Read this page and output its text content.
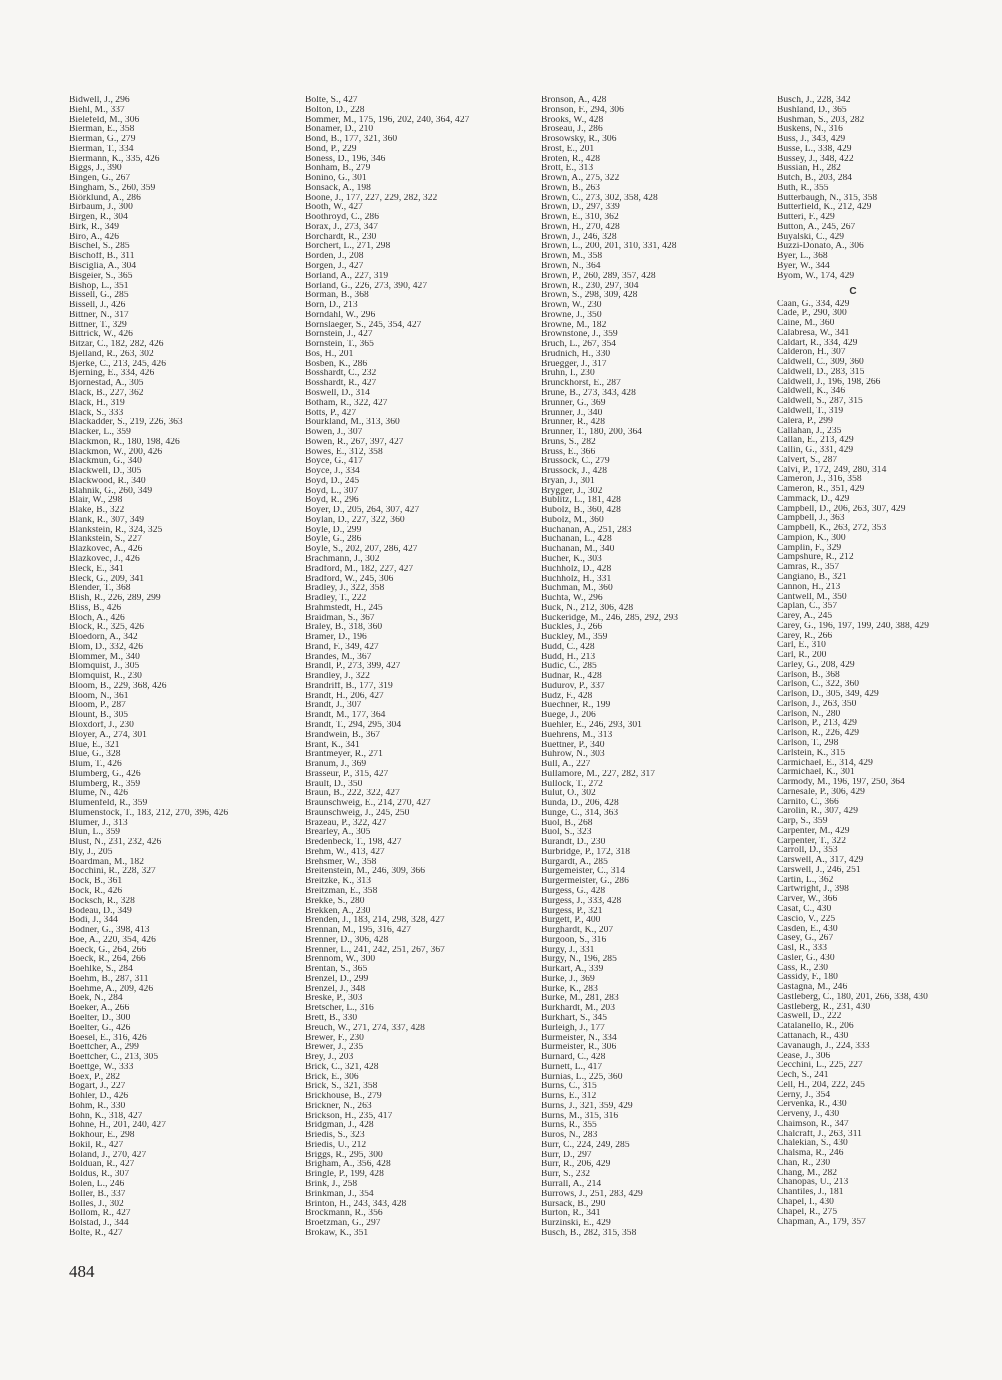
Bidwell, J., 296
Biehl, M., 337
Bielefeld, M., 306
Bierman, E., 358
Bierman, G., 279
Bierman, T., 334
Biermann, K., 335, 426
Biggs, J., 390
Bingen, G., 267
Bingham, S., 260, 359
Biörklund, A., 286
Birbaum, J., 300
Birgen, R., 304
Birk, R., 349
Biro, A., 426
Bischel, S., 285
Bischoff, B., 311
Bisciglia, A., 304
Bisgeier, S., 365
Bishop, L., 351
Bissell, G., 285
Bissell, J., 426
Bittner, N., 317
Bittner, T., 329
Bittrick, W., 426
Bitzar, C., 182, 282, 426
Bjelland, R., 263, 302
Bjerke, C., 213, 245, 426
Bjerning, E., 334, 426
Bjornestad, A., 305
Black, B., 227, 362
Black, H., 319
Black, S., 333
Blackadder, S., 219, 226, 363
Blacker, L., 359
Blackmon, R., 180, 198, 426
Blackmon, W., 200, 426
Blackmun, G., 340
Blackwell, D., 305
Blackwood, R., 340
Blahnik, G., 260, 349
Blair, W., 298
Blake, B., 322
Blank, R., 307, 349
Blankstein, R., 324, 325
Blankstein, S., 227
Blazkovec, A., 426
Blazkovec, J., 426
Bleck, E., 341
Bleck, G., 209, 341
Blender, T., 368
Blish, R., 226, 289, 299
Bliss, B., 426
Bloch, A., 426
Block, R., 325, 426
Bloedorn, A., 342
Blom, D., 332, 426
Blommer, M., 340
Blomquist, J., 305
Blomquist, R., 230
Bloom, B., 229, 368, 426
Bloom, N., 361
Bloom, P., 287
Blount, B., 305
Bloxdorf, J., 230
Bloyer, A., 274, 301
Blue, E., 321
Blue, G., 328
Blum, T., 426
Blumberg, G., 426
Blumberg, R., 359
Blume, N., 426
Blumenfeld, R., 359
Blumenstock, T., 183, 212, 270, 396, 426
Blumer, J., 313
Blun, L., 359
Blust, N., 231, 232, 426
Bly, J., 205
Boardman, M., 182
Bocchini, R., 228, 327
Bock, B., 361
Bock, R., 426
Bocksch, R., 328
Bodeau, D., 349
Bodi, J., 344
Bodner, G., 398, 413
Boe, A., 220, 354, 426
Boeck, G., 264, 266
Boeck, R., 264, 266
Boehlke, S., 284
Boehm, B., 287, 311
Boehme, A., 209, 426
Boek, N., 284
Boeker, A., 266
Boelter, D., 300
Boelter, G., 426
Boesel, E., 316, 426
Boettcher, A., 299
Boettcher, C., 213, 305
Boettge, W., 333
Boex, P., 282
Bogart, J., 227
Bohler, D., 426
Bohm, R., 330
Bohn, K., 318, 427
Bohne, H., 201, 240, 427
Bokhour, E., 298
Bokil, R., 427
Boland, J., 270, 427
Bolduan, R., 427
Boldus, R., 307
Bolen, L., 246
Boller, B., 337
Bolles, J., 302
Bollom, R., 427
Bolstad, J., 344
Bolte, R., 427
Bolte, S., 427
Bolton, D., 228
Bommer, M., 175, 196, 202, 240, 364, 427
Bonamer, D., 210
Bond, B., 177, 321, 360
Bond, P., 229
Boness, D., 196, 346
Bonham, B., 279
Bonino, G., 301
Bonsack, A., 198
Boone, J., 177, 227, 229, 282, 322
Booth, W., 427
Boothroyd, C., 286
Borax, J., 273, 347
Borchardt, R., 230
Borchert, L., 271, 298
Borden, J., 208
Borgen, J., 427
Borland, A., 227, 319
Borland, G., 226, 273, 390, 427
Borman, B., 368
Born, D., 213
Borndahl, W., 296
Bornslaeger, S., 245, 354, 427
Bornstein, J., 427
Bornstein, T., 365
Bos, H., 201
Bosben, K., 286
Bosshardt, C., 232
Bosshardt, R., 427
Boswell, D., 314
Botham, R., 322, 427
Botts, P., 427
Bourkland, M., 313, 360
Bowen, J., 307
Bowen, R., 267, 397, 427
Bowes, E., 312, 358
Boyce, G., 417
Boyce, J., 334
Boyd, D., 245
Boyd, L., 307
Boyd, R., 296
Boyer, D., 205, 264, 307, 427
Boylan, D., 227, 322, 360
Boyle, D., 299
Boyle, G., 286
Boyle, S., 202, 207, 286, 427
Brachmann, J., 302
Bradford, M., 182, 227, 427
Bradford, W., 245, 306
Bradley, J., 322, 358
Bradley, T., 222
Brahmstedt, H., 245
Braidman, S., 367
Braley, B., 318, 360
Bramer, D., 196
Brand, F., 349, 427
Brandes, M., 367
Brandl, P., 273, 399, 427
Brandley, J., 322
Brandriff, B., 177, 319
Brandt, H., 206, 427
Brandt, J., 307
Brandt, M., 177, 364
Brandt, T., 294, 295, 304
Brandwein, B., 367
Brant, K., 341
Brantmeyer, R., 271
Branum, J., 369
Brasseur, P., 315, 427
Brault, D., 350
Braun, B., 222, 322, 427
Braunschweig, E., 214, 270, 427
Braunschweig, J., 245, 250
Brazeau, P., 322, 427
Brearley, A., 305
Bredenbeck, T., 198, 427
Brehm, W., 413, 427
Brehsmer, W., 358
Breitenstein, M., 246, 309, 366
Breitzke, K., 313
Breitzman, E., 358
Brekke, S., 280
Brekken, A., 230
Brenden, J., 183, 214, 298, 328, 427
Brennan, M., 195, 316, 427
Brenner, D., 306, 428
Brenner, L., 241, 242, 251, 267, 367
Brennom, W., 300
Brentan, S., 365
Brenzel, D., 299
Brenzel, J., 348
Breske, P., 303
Bretscher, L., 316
Brett, B., 330
Breuch, W., 271, 274, 337, 428
Brewer, F., 230
Brewer, J., 235
Brey, J., 203
Brick, C., 321, 428
Brick, E., 306
Brick, S., 321, 358
Brickhouse, B., 279
Brickner, N., 263
Brickson, H., 235, 417
Bridgman, J., 428
Briedis, S., 323
Briedis, U., 212
Briggs, R., 295, 300
Brigham, A., 356, 428
Bringle, P., 199, 428
Brink, J., 258
Brinkman, J., 354
Brinton, H., 243, 343, 428
Brockmann, R., 356
Broetzman, G., 297
Brokaw, K., 351
Bronson, A., 428
Bronson, F., 294, 306
Brooks, W., 428
Broseau, J., 286
Brosowsky, R., 306
Brost, E., 201
Broten, R., 428
Brott, E., 313
Brown, A., 275, 322
Brown, B., 263
Brown, C., 273, 302, 358, 428
Brown, D., 297, 339
Brown, E., 310, 362
Brown, H., 270, 428
Brown, J., 246, 328
Brown, L., 200, 201, 310, 331, 428
Brown, M., 358
Brown, N., 364
Brown, P., 260, 289, 357, 428
Brown, R., 230, 297, 304
Brown, S., 298, 309, 428
Brown, W., 230
Browne, J., 350
Browne, M., 182
Brownstone, J., 359
Bruch, L., 267, 354
Brudnich, H., 330
Bruegger, J., 317
Bruhn, I., 230
Brunckhorst, E., 287
Brune, B., 273, 343, 428
Brunner, G., 369
Brunner, J., 340
Brunner, R., 428
Brunner, T., 180, 200, 364
Bruns, S., 282
Bruss, E., 366
Brussock, C., 279
Brussock, J., 428
Bryan, J., 301
Brygger, J., 302
Bublitz, L., 181, 428
Bubolz, B., 360, 428
Bubolz, M., 360
Buchanan, A., 251, 283
Buchanan, L., 428
Buchanan, M., 340
Bucher, K., 303
Buchholz, D., 428
Buchholz, H., 331
Buchman, M., 360
Buchta, W., 296
Buck, N., 212, 306, 428
Buckeridge, M., 246, 285, 292, 293
Buckles, J., 266
Buckley, M., 359
Budd, C., 428
Budd, H., 213
Budic, C., 285
Budnar, R., 428
Budurov, P., 337
Budz, F., 428
Buechner, R., 199
Buege, J., 206
Buehler, E., 246, 293, 301
Buehrens, M., 313
Buettner, P., 340
Buhrow, N., 303
Bull, A., 227
Bullamore, M., 227, 282, 317
Bullock, T., 272
Bulut, O., 302
Bunda, D., 206, 428
Bunge, C., 314, 363
Buol, B., 268
Buol, S., 323
Burandt, D., 230
Burbridge, P., 172, 318
Burgardt, A., 285
Burgemeister, C., 314
Burgermeister, G., 286
Burgess, G., 428
Burgess, J., 333, 428
Burgess, P., 321
Burgett, P., 400
Burghardt, K., 207
Burgoon, S., 316
Burgy, J., 331
Burgy, N., 196, 285
Burkart, A., 339
Burke, J., 369
Burke, K., 283
Burke, M., 281, 283
Burkhardt, M., 203
Burkhart, S., 345
Burleigh, J., 177
Burmeister, N., 334
Burmeister, R., 306
Burnard, C., 428
Burnett, L., 417
Burnias, L., 225, 360
Burns, C., 315
Burns, E., 312
Burns, J., 321, 359, 429
Burns, M., 315, 316
Burns, R., 355
Buros, N., 283
Burr, C., 224, 249, 285
Burr, D., 297
Burr, R., 206, 429
Burr, S., 232
Burrall, A., 214
Burrows, J., 251, 283, 429
Bursack, B., 290
Burton, R., 341
Burzinski, E., 429
Busch, B., 282, 315, 358
Busch, J., 228, 342
Bushland, D., 365
Bushman, S., 203, 282
Buskens, N., 316
Buss, J., 343, 429
Busse, L., 338, 429
Bussey, J., 348, 422
Bussian, H., 282
Butch, B., 203, 284
Buth, R., 355
Butterbaugh, N., 315, 358
Butterfield, K., 212, 429
Butteri, F., 429
Button, A., 245, 267
Buyalski, C., 429
Buzzi-Donato, A., 306
Byer, L., 368
Byer, W., 344
Byom, W., 174, 429
C
Caan, G., 334, 429
Cade, P., 290, 300
Caine, M., 360
Calabresa, W., 341
Caldart, R., 334, 429
Calderon, H., 307
Caldwell, C., 309, 360
Caldwell, D., 283, 315
Caldwell, J., 196, 198, 266
Caldwell, K., 346
Caldwell, S., 287, 315
Caldwell, T., 319
Calera, P., 299
Callahan, J., 235
Callan, E., 213, 429
Callin, G., 331, 429
Calvert, S., 287
Calvi, P., 172, 249, 280, 314
Cameron, J., 316, 358
Cameron, R., 351, 429
Cammack, D., 429
Campbell, D., 206, 263, 307, 429
Campbell, J., 363
Campbell, K., 263, 272, 353
Campion, K., 300
Camplin, F., 329
Campshure, R., 212
Camras, R., 357
Cangiano, B., 321
Cannon, H., 213
Cantwell, M., 350
Caplan, C., 357
Carey, A., 245
Carey, G., 196, 197, 199, 240, 388, 429
Carey, R., 266
Carl, E., 310
Carl, R., 200
Carley, G., 208, 429
Carlson, B., 368
Carlson, C., 322, 360
Carlson, D., 305, 349, 429
Carlson, J., 263, 350
Carlson, N., 280
Carlson, P., 213, 429
Carlson, R., 226, 429
Carlson, T., 298
Carlstein, K., 315
Carmichael, E., 314, 429
Carmichael, K., 301
Carmody, M., 196, 197, 250, 364
Carnesale, P., 306, 429
Carnito, C., 366
Carolin, R., 307, 429
Carp, S., 359
Carpenter, M., 429
Carpenter, T., 322
Carroll, D., 353
Carswell, A., 317, 429
Carswell, J., 246, 251
Cartin, L., 362
Cartwright, J., 398
Carver, W., 366
Casat, C., 430
Cascio, V., 225
Casden, E., 430
Casey, G., 267
Casl, R., 333
Casler, G., 430
Cass, R., 230
Cassidy, F., 180
Castagna, M., 246
Castleberg, C., 180, 201, 266, 338, 430
Castleberg, R., 231, 430
Caswell, D., 222
Catalanello, R., 206
Cattanach, R., 430
Cavanaugh, J., 224, 333
Cease, J., 306
Cecchini, L., 225, 227
Cech, S., 241
Cell, H., 204, 222, 245
Cerny, J., 354
Cervenka, R., 430
Cerveny, J., 430
Chaimson, R., 347
Chalcraft, J., 263, 311
Chalekian, S., 430
Chalsma, R., 246
Chan, R., 230
Chang, M., 282
Chanopas, U., 213
Chantiles, J., 181
Chapel, I., 430
Chapel, R., 275
Chapman, A., 179, 357
484
